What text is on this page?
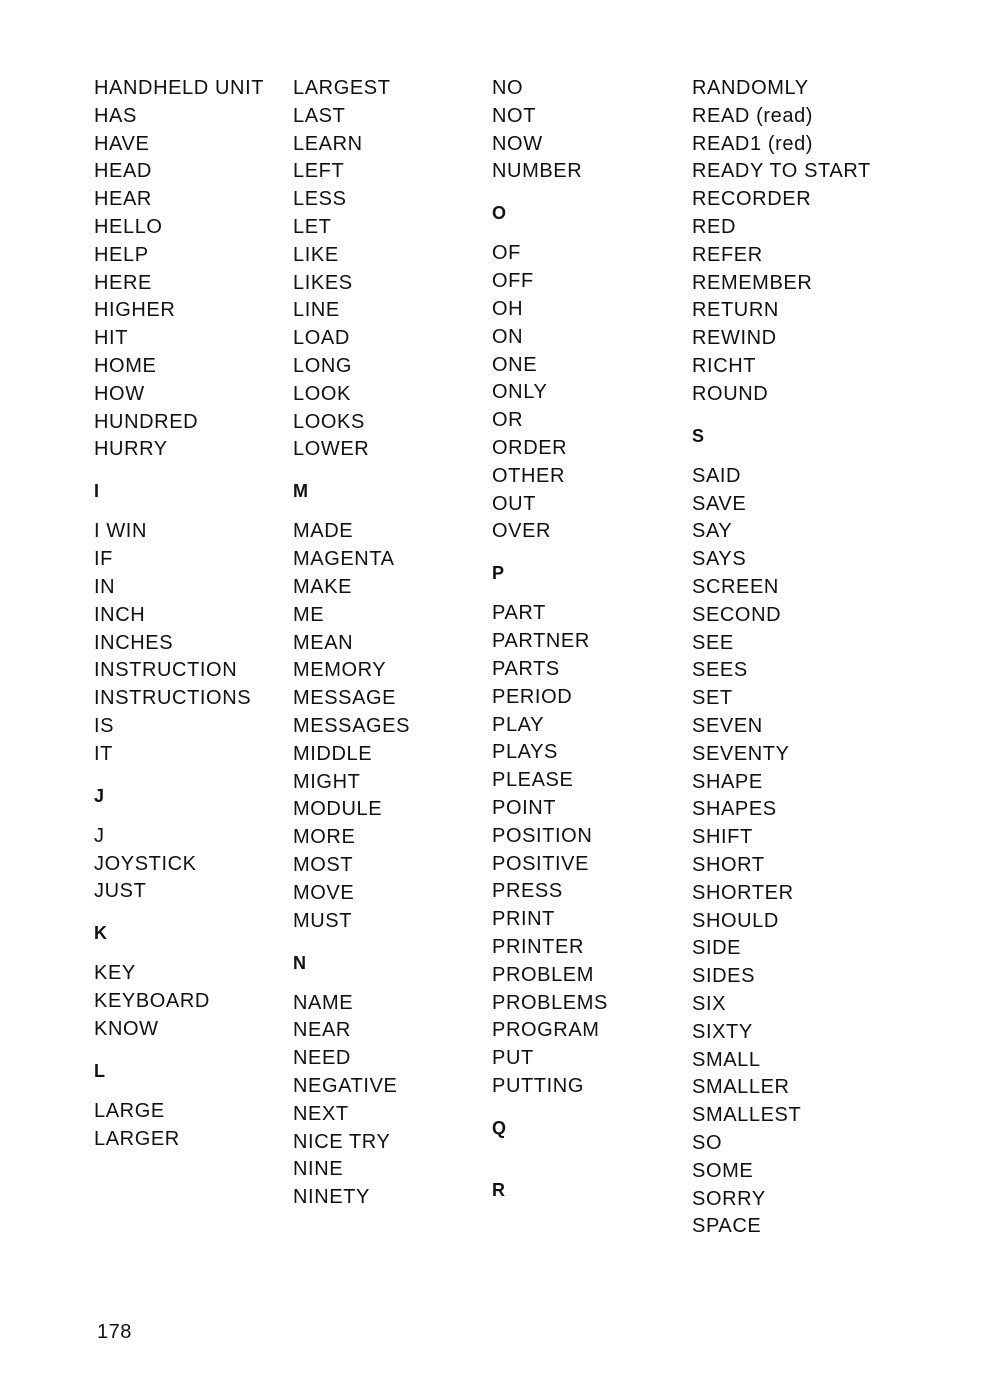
HANDHELD UNIT
HAS
HAVE
HEAD
HEAR
HELLO
HELP
HERE
HIGHER
HIT
HOME
HOW
HUNDRED
HURRY
I
I WIN
IF
IN
INCH
INCHES
INSTRUCTION
INSTRUCTIONS
IS
IT
J
J
JOYSTICK
JUST
K
KEY
KEYBOARD
KNOW
L
LARGE
LARGER
LARGEST
LAST
LEARN
LEFT
LESS
LET
LIKE
LIKES
LINE
LOAD
LONG
LOOK
LOOKS
LOWER
M
MADE
MAGENTA
MAKE
ME
MEAN
MEMORY
MESSAGE
MESSAGES
MIDDLE
MIGHT
MODULE
MORE
MOST
MOVE
MUST
N
NAME
NEAR
NEED
NEGATIVE
NEXT
NICE TRY
NINE
NINETY
NO
NOT
NOW
NUMBER
O
OF
OFF
OH
ON
ONE
ONLY
OR
ORDER
OTHER
OUT
OVER
P
PART
PARTNER
PARTS
PERIOD
PLAY
PLAYS
PLEASE
POINT
POSITION
POSITIVE
PRESS
PRINT
PRINTER
PROBLEM
PROBLEMS
PROGRAM
PUT
PUTTING
Q
R
RANDOMLY
READ (read)
READ1 (red)
READY TO START
RECORDER
RED
REFER
REMEMBER
RETURN
REWIND
RICHT
ROUND
S
SAID
SAVE
SAY
SAYS
SCREEN
SECOND
SEE
SEES
SET
SEVEN
SEVENTY
SHAPE
SHAPES
SHIFT
SHORT
SHORTER
SHOULD
SIDE
SIDES
SIX
SIXTY
SMALL
SMALLER
SMALLEST
SO
SOME
SORRY
SPACE
178
